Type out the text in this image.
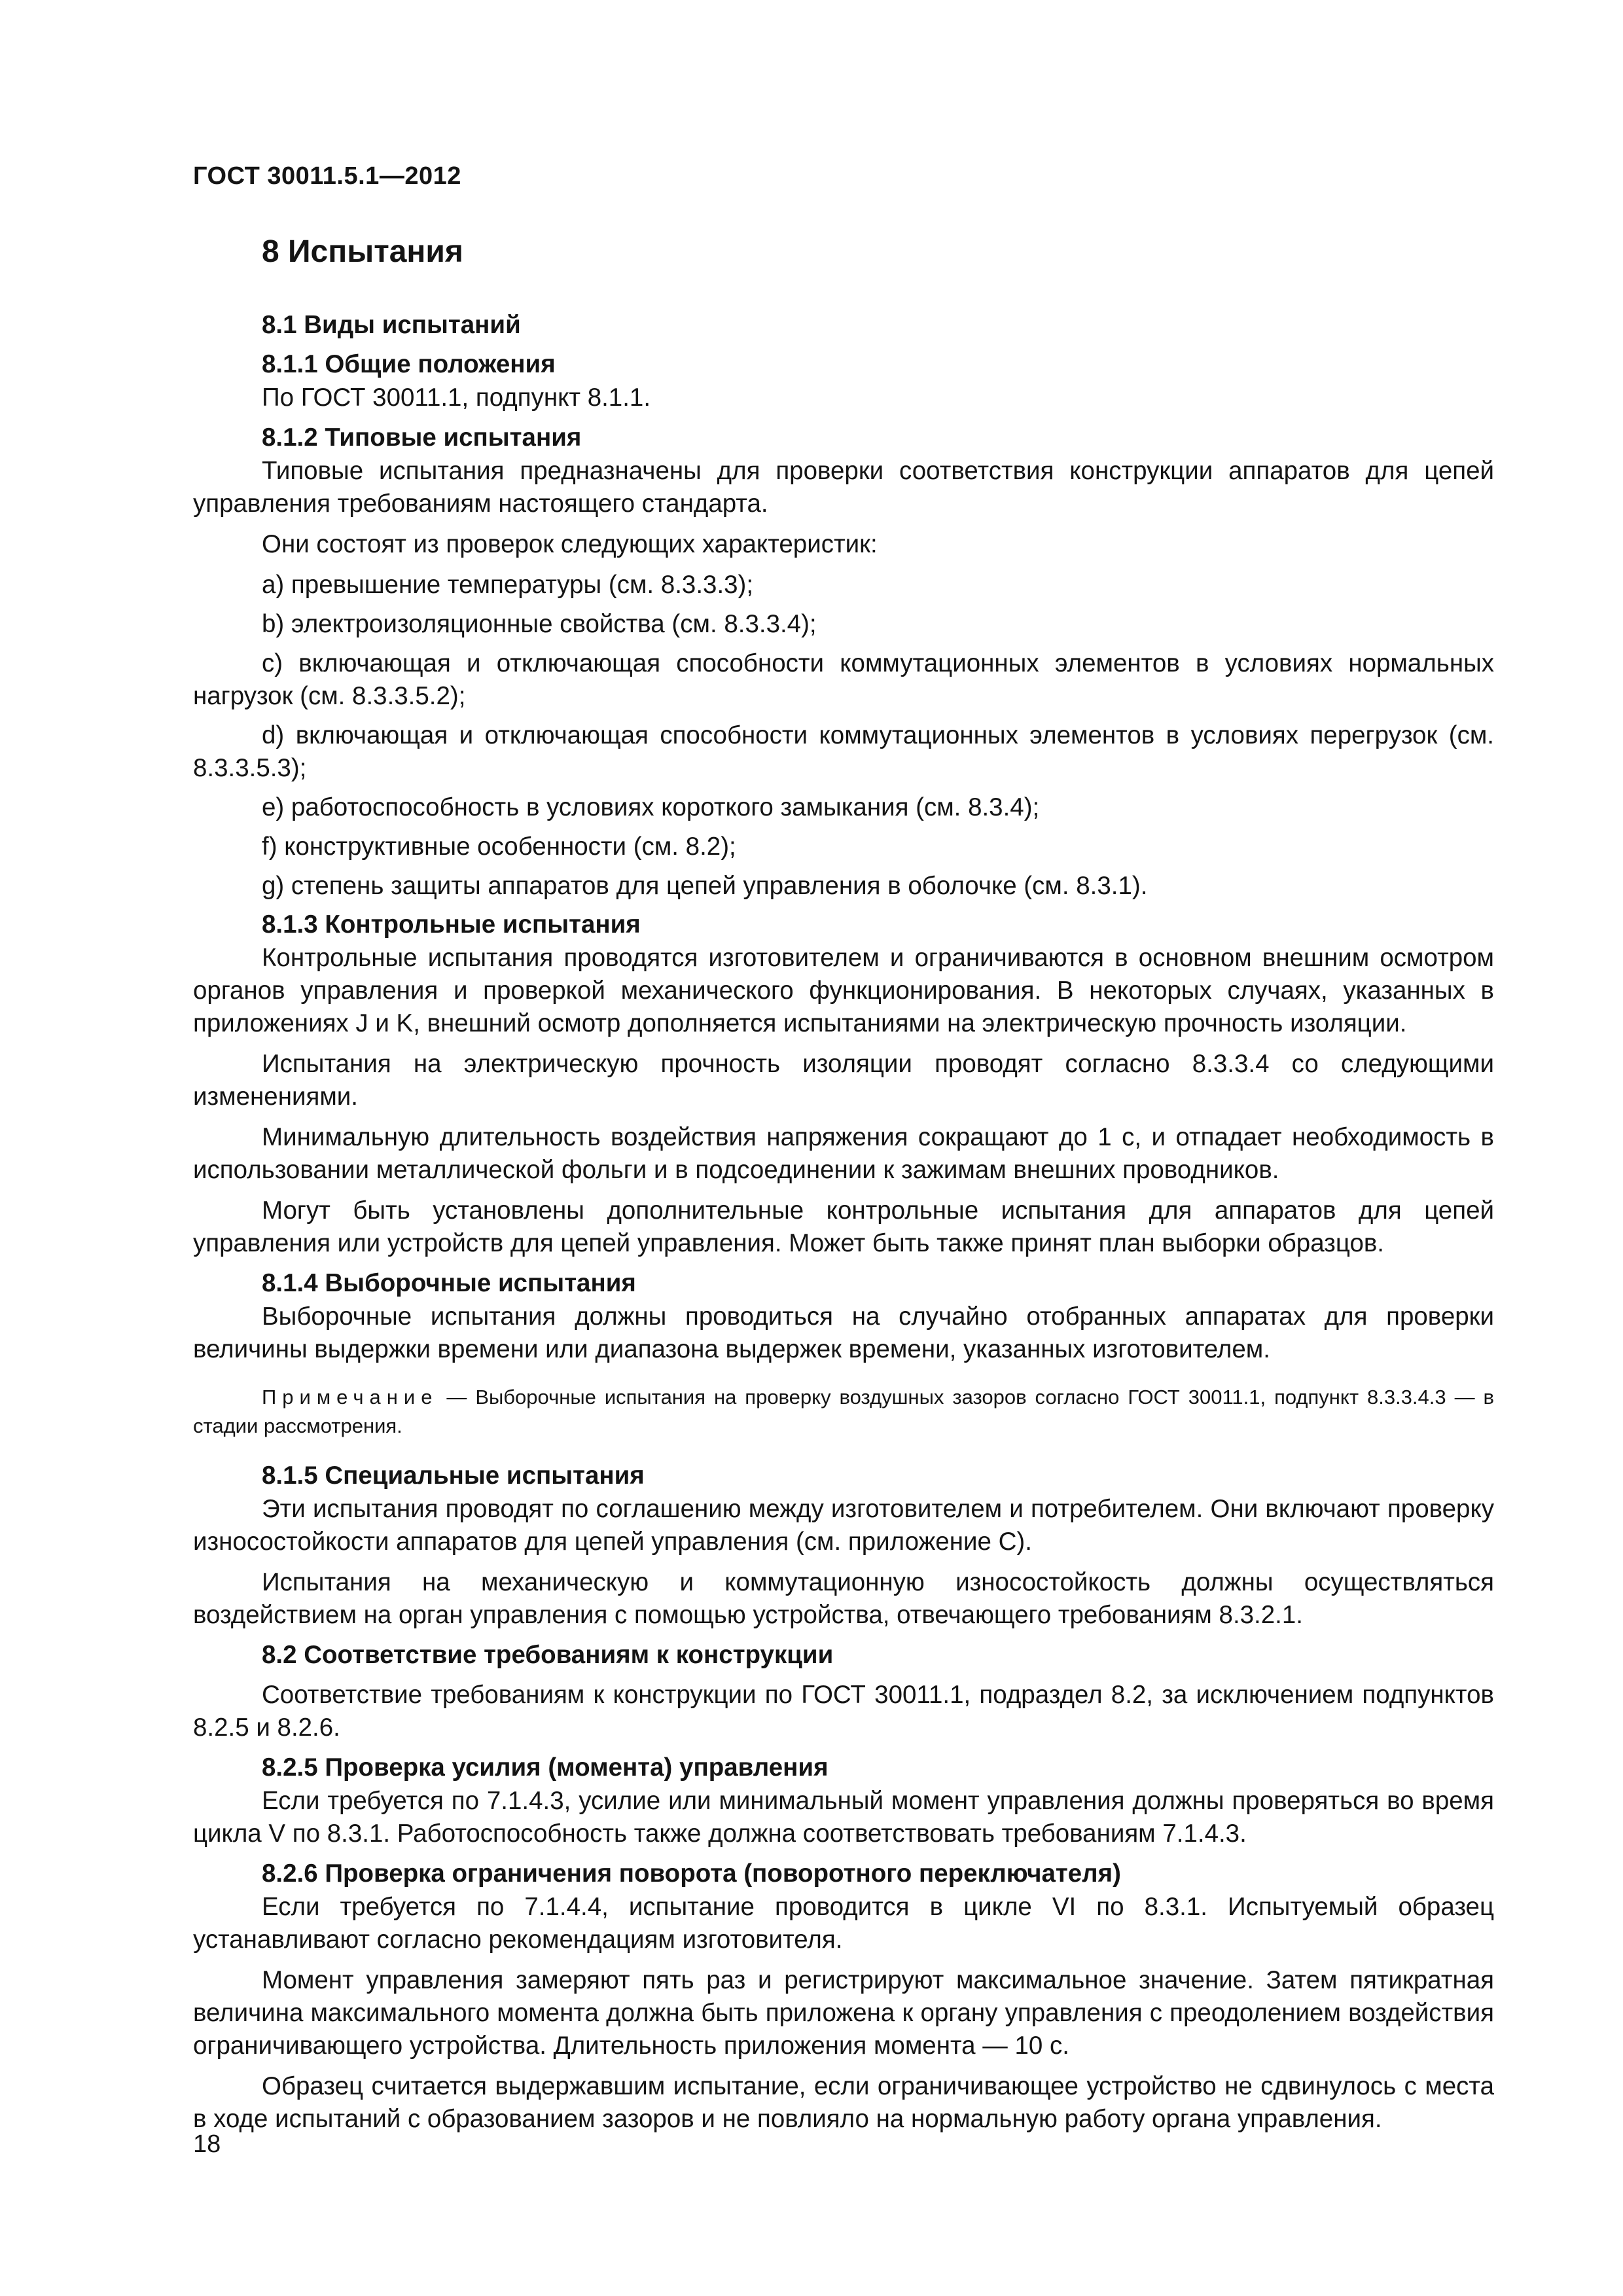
ГОСТ 30011.5.1—2012
8 Испытания
8.1 Виды испытаний
8.1.1 Общие положения
По ГОСТ 30011.1, подпункт 8.1.1.
8.1.2 Типовые испытания
Типовые испытания предназначены для проверки соответствия конструкции аппаратов для цепей управления требованиям настоящего стандарта.
Они состоят из проверок следующих характеристик:
a) превышение температуры (см. 8.3.3.3);
b) электроизоляционные свойства (см. 8.3.3.4);
c) включающая и отключающая способности коммутационных элементов в условиях нормальных нагрузок (см. 8.3.3.5.2);
d) включающая и отключающая способности коммутационных элементов в условиях перегрузок (см. 8.3.3.5.3);
e) работоспособность в условиях короткого замыкания (см. 8.3.4);
f) конструктивные особенности (см. 8.2);
g) степень защиты аппаратов для цепей управления в оболочке (см. 8.3.1).
8.1.3 Контрольные испытания
Контрольные испытания проводятся изготовителем и ограничиваются в основном внешним осмотром органов управления и проверкой механического функционирования. В некоторых случаях, указанных в приложениях J и K, внешний осмотр дополняется испытаниями на электрическую прочность изоляции.
Испытания на электрическую прочность изоляции проводят согласно 8.3.3.4 со следующими изменениями.
Минимальную длительность воздействия напряжения сокращают до 1 с, и отпадает необходимость в использовании металлической фольги и в подсоединении к зажимам внешних проводников.
Могут быть установлены дополнительные контрольные испытания для аппаратов для цепей управления или устройств для цепей управления. Может быть также принят план выборки образцов.
8.1.4 Выборочные испытания
Выборочные испытания должны проводиться на случайно отобранных аппаратах для проверки величины выдержки времени или диапазона выдержек времени, указанных изготовителем.
Примечание — Выборочные испытания на проверку воздушных зазоров согласно ГОСТ 30011.1, подпункт 8.3.3.4.3 — в стадии рассмотрения.
8.1.5 Специальные испытания
Эти испытания проводят по соглашению между изготовителем и потребителем. Они включают проверку износостойкости аппаратов для цепей управления (см. приложение С).
Испытания на механическую и коммутационную износостойкость должны осуществляться воздействием на орган управления с помощью устройства, отвечающего требованиям 8.3.2.1.
8.2 Соответствие требованиям к конструкции
Соответствие требованиям к конструкции по ГОСТ 30011.1, подраздел 8.2, за исключением подпунктов 8.2.5 и 8.2.6.
8.2.5 Проверка усилия (момента) управления
Если требуется по 7.1.4.3, усилие или минимальный момент управления должны проверяться во время цикла V по 8.3.1. Работоспособность также должна соответствовать требованиям 7.1.4.3.
8.2.6 Проверка ограничения поворота (поворотного переключателя)
Если требуется по 7.1.4.4, испытание проводится в цикле VI по 8.3.1. Испытуемый образец устанавливают согласно рекомендациям изготовителя.
Момент управления замеряют пять раз и регистрируют максимальное значение. Затем пятикратная величина максимального момента должна быть приложена к органу управления с преодолением воздействия ограничивающего устройства. Длительность приложения момента — 10 с.
Образец считается выдержавшим испытание, если ограничивающее устройство не сдвинулось с места в ходе испытаний с образованием зазоров и не повлияло на нормальную работу органа управления.
18
